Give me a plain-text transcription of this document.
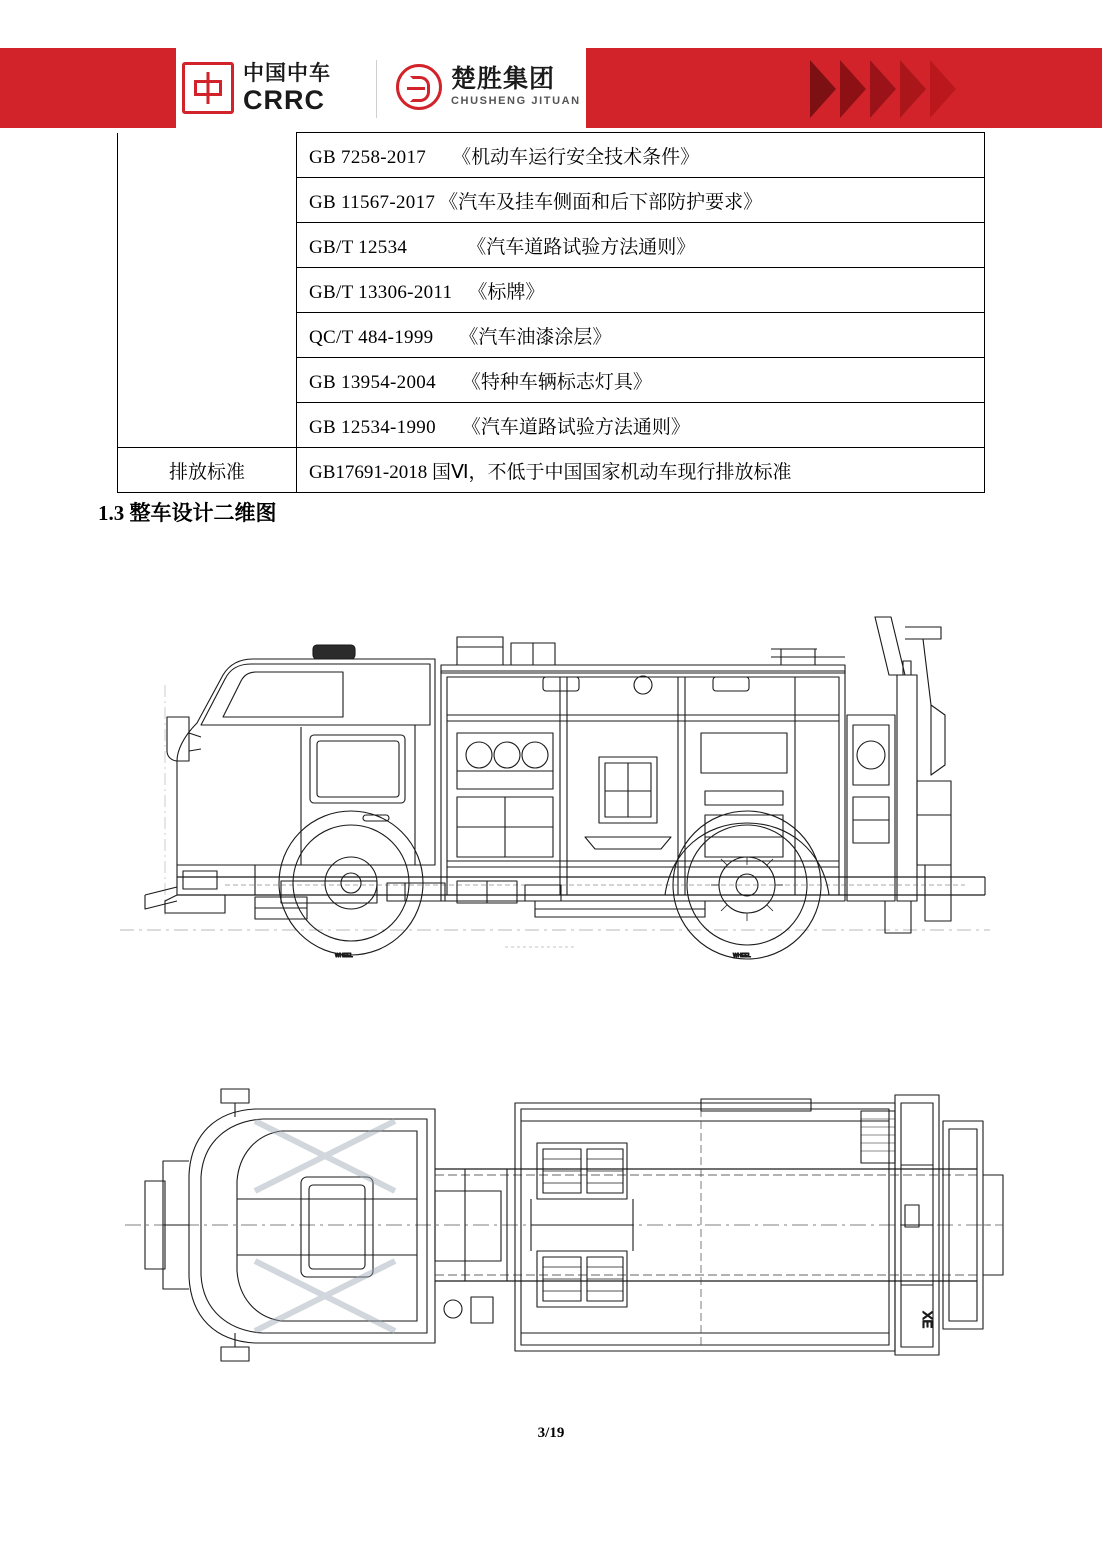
中国中车
CRRC
楚胜集团
CHUSHENG JITUAN
	GB 7258-2017 《机动车运行安全技术条件》
	GB 11567-2017 《汽车及挂车侧面和后下部防护要求》
	GB/T 12534 《汽车道路试验方法通则》
	GB/T 13306-2011 《标牌》
	QC/T 484-1999 《汽车油漆涂层》
	GB 13954-2004 《特种车辆标志灯具》
	GB 12534-1990 《汽车道路试验方法通则》
排放标准	GB17691-2018 国Ⅵ，不低于中国国家机动车现行排放标准
1.3 整车设计二维图
WHEEL	WHEEL
XE
3/19
